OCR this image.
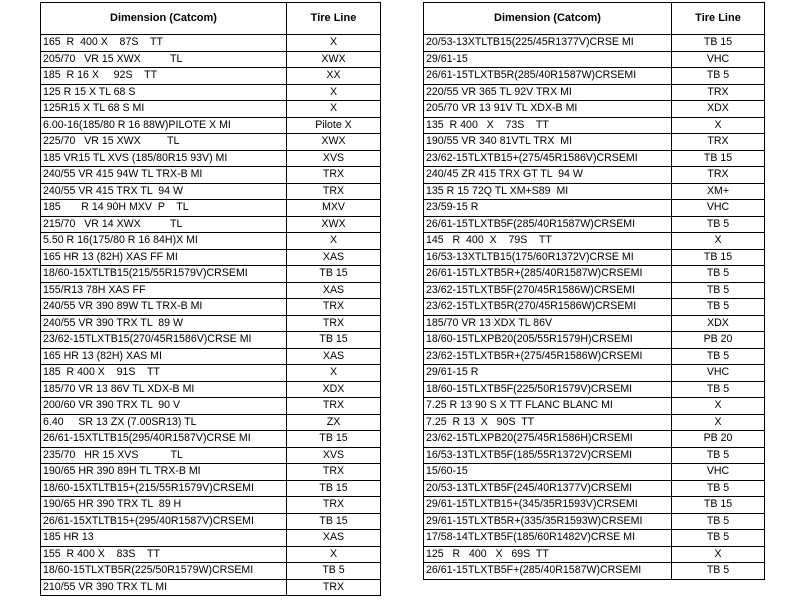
Dimension (Catcom)	Tire Line
165  R  400 X    87S    TT	X
205/70   VR 15 XWX          TL	XWX
185  R 16 X     92S    TT	XX
125 R 15 X TL 68 S	X
125R15 X TL 68 S MI	X
6.00-16(185/80 R 16 88W)PILOTE X MI	Pilote X
225/70   VR 15 XWX         TL	XWX
185 VR15 TL XVS (185/80R15 93V) MI	XVS
240/55 VR 415 94W TL TRX-B MI	TRX
240/55 VR 415 TRX TL  94 W	TRX
185       R 14 90H MXV  P    TL	MXV
215/70   VR 14 XWX          TL	XWX
5.50 R 16(175/80 R 16 84H)X MI	X
165 HR 13 (82H) XAS FF MI	XAS
18/60-15XTLTB15(215/55R1579V)CRSEMI	TB 15
155/R13 78H XAS FF	XAS
240/55 VR 390 89W TL TRX-B MI	TRX
240/55 VR 390 TRX TL  89 W	TRX
23/62-15TLXTB15(270/45R1586V)CRSE MI	TB 15
165 HR 13 (82H) XAS MI	XAS
185  R 400 X    91S    TT	X
185/70 VR 13 86V TL XDX-B MI	XDX
200/60 VR 390 TRX TL  90 V	TRX
6.40     SR 13 ZX (7.00SR13) TL	ZX
26/61-15XTLTB15(295/40R1587V)CRSE MI	TB 15
235/70   HR 15 XVS           TL	XVS
190/65 HR 390 89H TL TRX-B MI	TRX
18/60-15XTLTB15+(215/55R1579V)CRSEMI	TB 15
190/65 HR 390 TRX TL  89 H	TRX
26/61-15XTLTB15+(295/40R1587V)CRSEMI	TB 15
185 HR 13	XAS
155  R 400 X    83S    TT	X
18/60-15TLXTB5R(225/50R1579W)CRSEMI	TB 5
210/55 VR 390 TRX TL MI	TRX
Dimension (Catcom)	Tire Line
20/53-13XTLTB15(225/45R1377V)CRSE MI	TB 15
29/61-15	VHC
26/61-15TLXTB5R(285/40R1587W)CRSEMI	TB 5
220/55 VR 365 TL 92V TRX MI	TRX
205/70 VR 13 91V TL XDX-B MI	XDX
135  R 400   X    73S    TT	X
190/55 VR 340 81VTL TRX  MI	TRX
23/62-15TLXTB15+(275/45R1586V)CRSEMI	TB 15
240/45 ZR 415 TRX GT TL  94 W	TRX
135 R 15 72Q TL XM+S89  MI	XM+
23/59-15 R	VHC
26/61-15TLXTB5F(285/40R1587W)CRSEMI	TB 5
145   R  400  X    79S    TT	X
16/53-13XTLTB15(175/60R1372V)CRSE MI	TB 15
26/61-15TLXTB5R+(285/40R1587W)CRSEMI	TB 5
23/62-15TLXTB5F(270/45R1586W)CRSEMI	TB 5
23/62-15TLXTB5R(270/45R1586W)CRSEMI	TB 5
185/70 VR 13 XDX TL 86V	XDX
18/60-15TLXPB20(205/55R1579H)CRSEMI	PB 20
23/62-15TLXTB5R+(275/45R1586W)CRSEMI	TB 5
29/61-15 R	VHC
18/60-15TLXTB5F(225/50R1579V)CRSEMI	TB 5
7.25 R 13 90 S X TT FLANC BLANC MI	X
7.25  R 13  X   90S  TT	X
23/62-15TLXPB20(275/45R1586H)CRSEMI	PB 20
16/53-13TLXTB5F(185/55R1372V)CRSEMI	TB 5
15/60-15	VHC
20/53-13TLXTB5F(245/40R1377V)CRSEMI	TB 5
29/61-15TLXTB15+(345/35R1593V)CRSEMI	TB 15
29/61-15TLXTB5R+(335/35R1593W)CRSEMI	TB 5
17/58-14TLXTB5F(185/60R1482V)CRSE MI	TB 5
125   R   400   X   69S  TT	X
26/61-15TLXTB5F+(285/40R1587W)CRSEMI	TB 5
